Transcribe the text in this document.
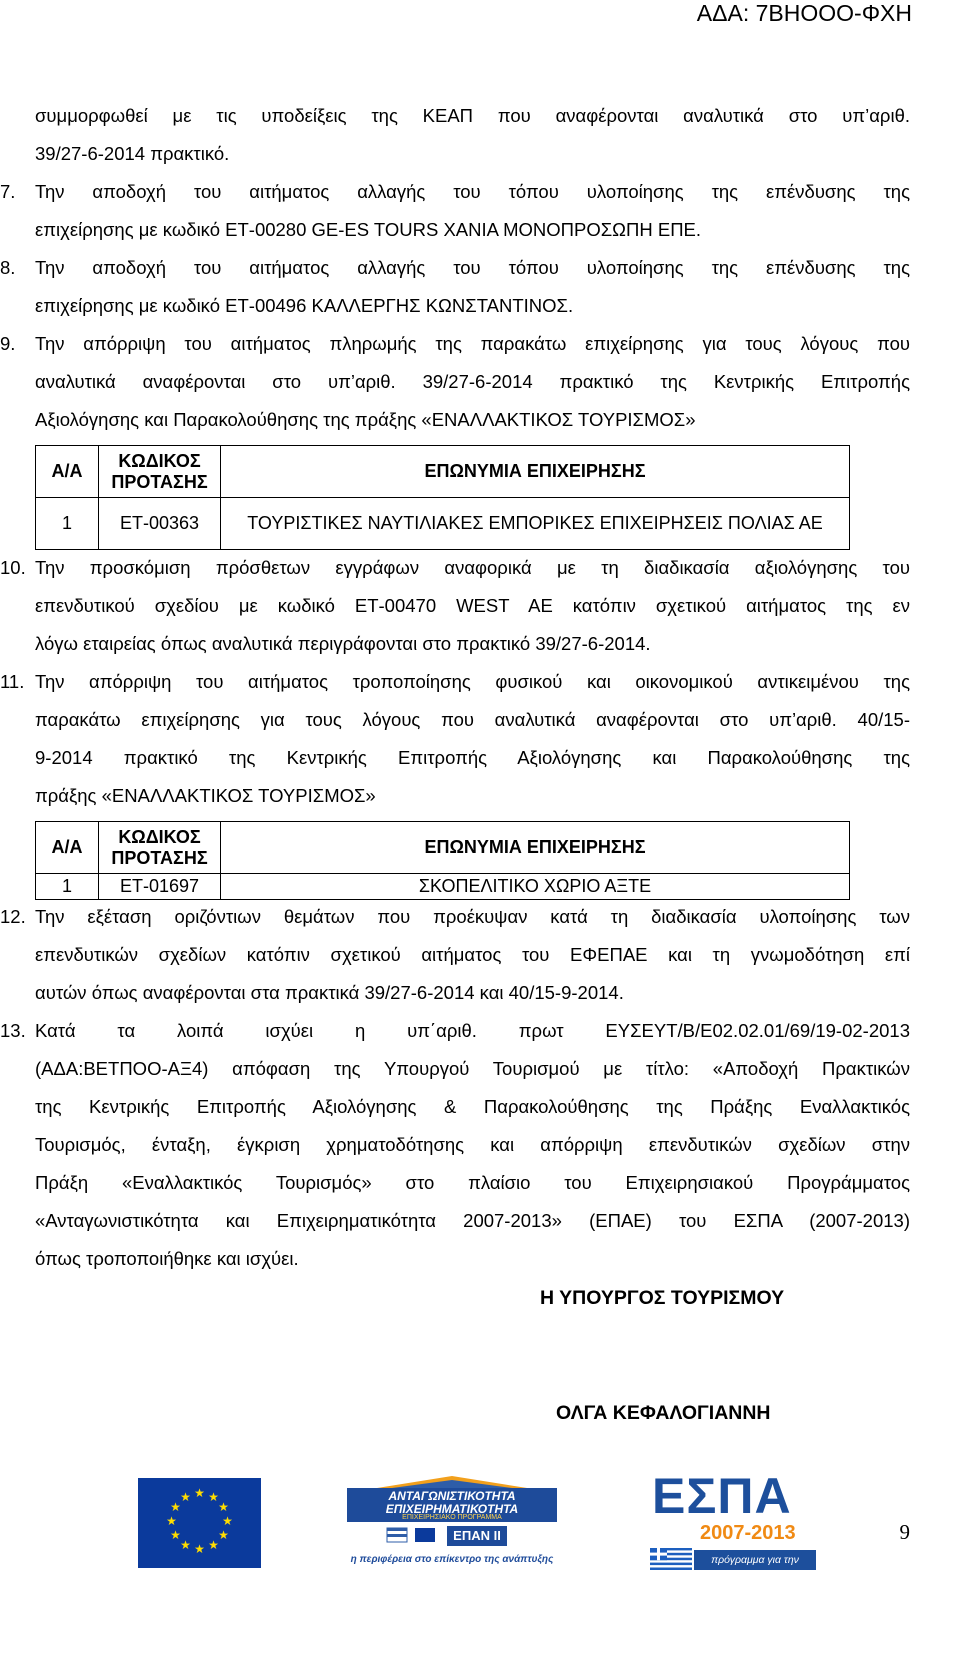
ΑΔΑ: 7ΒΗΟΟΟ-ΦΧΗ
συμμορφωθεί με τις υποδείξεις της ΚΕΑΠ που αναφέρονται αναλυτικά στο υπ’αριθ.
39/27-6-2014 πρακτικό.
7. Την αποδοχή του αιτήματος αλλαγής του τόπου υλοποίησης της επένδυσης της
επιχείρησης με κωδικό ΕΤ-00280 GE-ES TOURS ΧΑΝΙΑ ΜΟΝΟΠΡΟΣΩΠΗ ΕΠΕ.
8. Την αποδοχή του αιτήματος αλλαγής του τόπου υλοποίησης της επένδυσης της
επιχείρησης με κωδικό ΕΤ-00496 ΚΑΛΛΕΡΓΗΣ ΚΩΝΣΤΑΝΤΙΝΟΣ.
9. Την απόρριψη του αιτήματος πληρωμής της παρακάτω επιχείρησης για τους λόγους που
αναλυτικά αναφέρονται στο υπ’αριθ. 39/27-6-2014 πρακτικό της Κεντρικής Επιτροπής
Αξιολόγησης και Παρακολούθησης της πράξης «ΕΝΑΛΛΑΚΤΙΚΟΣ ΤΟΥΡΙΣΜΟΣ»
Α/Α	ΚΩΔΙΚΟΣ ΠΡΟΤΑΣΗΣ	ΕΠΩΝΥΜΙΑ ΕΠΙΧΕΙΡΗΣΗΣ
1	ΕΤ-00363	ΤΟΥΡΙΣΤΙΚΕΣ ΝΑΥΤΙΛΙΑΚΕΣ ΕΜΠΟΡΙΚΕΣ ΕΠΙΧΕΙΡΗΣΕΙΣ ΠΟΛΙΑΣ ΑΕ
10. Την προσκόμιση πρόσθετων εγγράφων αναφορικά με τη διαδικασία αξιολόγησης του
επενδυτικού σχεδίου με κωδικό ΕΤ-00470 WEST AE κατόπιν σχετικού αιτήματος της εν
λόγω εταιρείας όπως αναλυτικά περιγράφονται στο πρακτικό 39/27-6-2014.
11. Την απόρριψη του αιτήματος τροποποίησης φυσικού και οικονομικού αντικειμένου της
παρακάτω επιχείρησης για τους λόγους που αναλυτικά αναφέρονται στο υπ’αριθ. 40/15-
9-2014 πρακτικό της Κεντρικής Επιτροπής Αξιολόγησης και Παρακολούθησης της
πράξης «ΕΝΑΛΛΑΚΤΙΚΟΣ ΤΟΥΡΙΣΜΟΣ»
Α/Α	ΚΩΔΙΚΟΣ ΠΡΟΤΑΣΗΣ	ΕΠΩΝΥΜΙΑ ΕΠΙΧΕΙΡΗΣΗΣ
1	ΕΤ-01697	ΣΚΟΠΕΛΙΤΙΚΟ ΧΩΡΙΟ ΑΞΤΕ
12. Την εξέταση οριζόντιων θεμάτων που προέκυψαν κατά τη διαδικασία υλοποίησης των
επενδυτικών σχεδίων κατόπιν σχετικού αιτήματος του ΕΦΕΠΑΕ και τη γνωμοδότηση επί
αυτών όπως αναφέρονται στα πρακτικά 39/27-6-2014 και 40/15-9-2014.
13. Κατά τα λοιπά ισχύει η υπ΄αριθ. πρωτ ΕΥΣΕΥΤ/Β/Ε02.02.01/69/19-02-2013
(ΑΔΑ:ΒΕΤΠΟΟ-ΑΞ4) απόφαση της Υπουργού Τουρισμού με τίτλο: «Αποδοχή Πρακτικών
της Κεντρικής Επιτροπής Αξιολόγησης & Παρακολούθησης της Πράξης Εναλλακτικός
Τουρισμός, ένταξη, έγκριση χρηματοδότησης και απόρριψη επενδυτικών σχεδίων στην
Πράξη «Εναλλακτικός Τουρισμός» στο πλαίσιο του Επιχειρησιακού Προγράμματος
«Ανταγωνιστικότητα και Επιχειρηματικότητα 2007-2013» (ΕΠΑΕ) του ΕΣΠΑ (2007-2013)
όπως τροποποιήθηκε και ισχύει.
Η ΥΠΟΥΡΓΟΣ ΤΟΥΡΙΣΜΟΥ
ΟΛΓΑ ΚΕΦΑΛΟΓΙΑΝΝΗ
9
★ ★
★
★
★
★
★
★
★
★
★
★	ΑΝΤΑΓΩΝΙΣΤΙΚΟΤΗΤΑ
ΕΠΙΧΕΙΡΗΜΑΤΙΚΟΤΗΤΑ
ΕΠΙΧΕΙΡΗΣΙΑΚΟ ΠΡΟΓΡΑΜΜΑ
ΕΠΑΝ ΙΙ
η περιφέρεια στο επίκεντρο της ανάπτυξης
ΕΣΠΑ
2007-2013
πρόγραμμα για την ανάπτυξη
